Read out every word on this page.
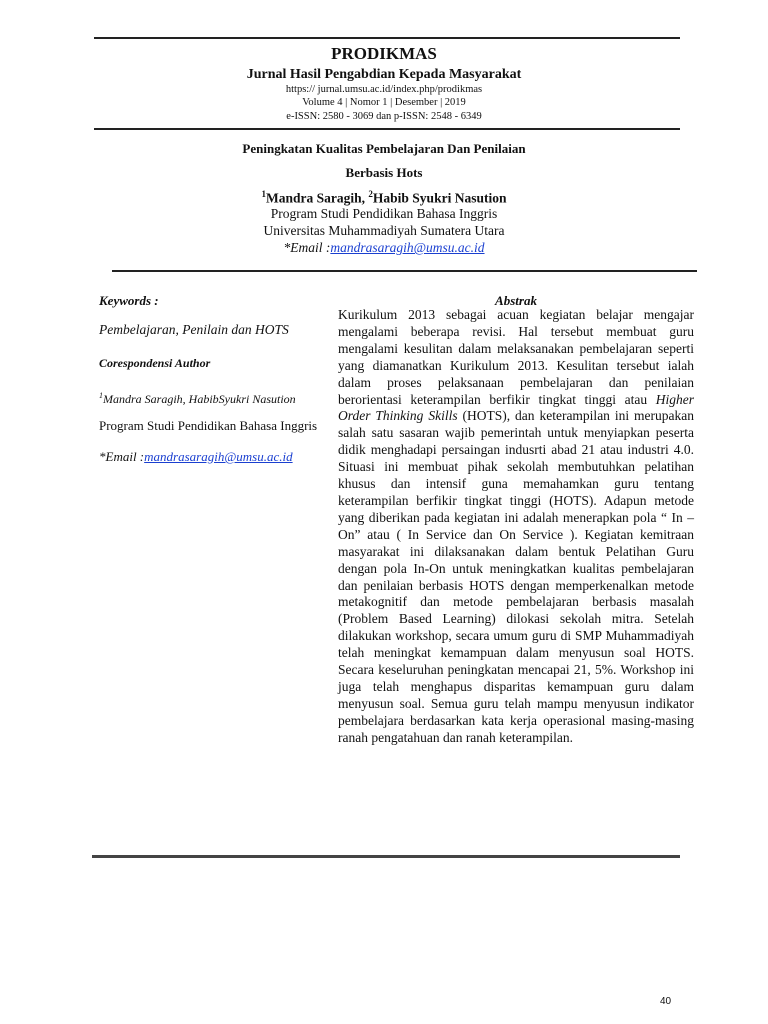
PRODIKMAS
Jurnal Hasil Pengabdian Kepada Masyarakat
https:// jurnal.umsu.ac.id/index.php/prodikmas
Volume 4 | Nomor 1 | Desember | 2019
e-ISSN: 2580 - 3069 dan p-ISSN: 2548 - 6349
Peningkatan Kualitas Pembelajaran Dan Penilaian
Berbasis Hots
$^1$Mandra Saragih, $^2$Habib Syukri Nasution
Program Studi Pendidikan Bahasa Inggris
Universitas Muhammadiyah Sumatera Utara
*Email :mandrasaragih@umsu.ac.id
Keywords :
Pembelajaran, Penilain dan HOTS
Corespondensi Author
$^1$Mandra Saragih, HabibSyukri Nasution
Program Studi Pendidikan Bahasa Inggris
*Email :mandrasaragih@umsu.ac.id
Abstrak
Kurikulum 2013 sebagai acuan kegiatan belajar mengajar mengalami beberapa revisi. Hal tersebut membuat guru mengalami kesulitan dalam melaksanakan pembelajaran seperti yang diamanatkan Kurikulum 2013. Kesulitan tersebut ialah dalam proses pelaksanaan pembelajaran dan penilaian berorientasi keterampilan berfikir tingkat tinggi atau Higher Order Thinking Skills (HOTS), dan keterampilan ini merupakan salah satu sasaran wajib pemerintah untuk menyiapkan peserta didik menghadapi persaingan indusrti abad 21 atau industri 4.0. Situasi ini membuat pihak sekolah membutuhkan pelatihan khusus dan intensif guna memahamkan guru tentang keterampilan berfikir tingkat tinggi (HOTS). Adapun metode yang diberikan pada kegiatan ini adalah menerapkan pola “ In – On” atau ( In Service dan On Service ). Kegiatan kemitraan masyarakat ini dilaksanakan dalam bentuk Pelatihan Guru dengan pola In-On untuk meningkatkan kualitas pembelajaran dan penilaian berbasis HOTS dengan memperkenalkan metode metakognitif dan metode pembelajaran berbasis masalah (Problem Based Learning) dilokasi sekolah mitra. Setelah dilakukan workshop, secara umum guru di SMP Muhammadiyah telah meningkat kemampuan dalam menyusun soal HOTS. Secara keseluruhan peningkatan mencapai 21, 5%. Workshop ini juga telah menghapus disparitas kemampuan guru dalam menyusun soal. Semua guru telah mampu menyusun indikator pembelajara berdasarkan kata kerja operasional masing-masing ranah pengatahuan dan ranah keterampilan.
40
